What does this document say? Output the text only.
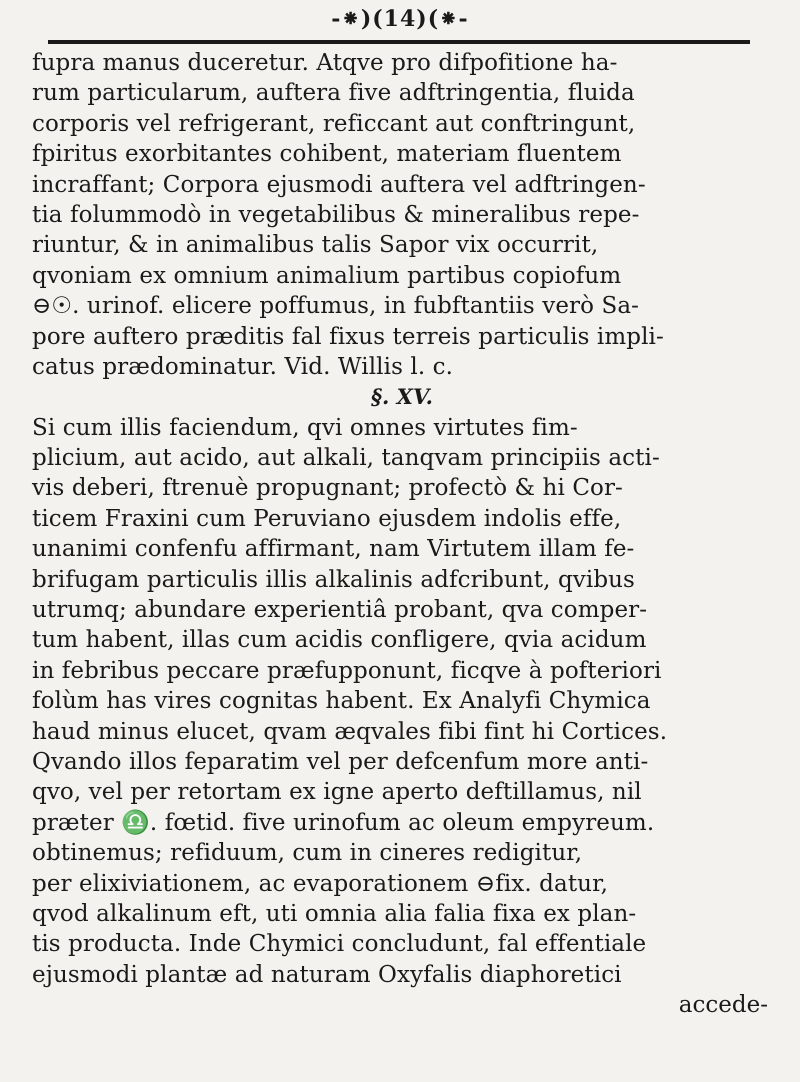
-⁕)(14)(⁕-
fupra manus duceretur. Atqve pro difpofitione ha-
rum particularum, auftera five adftringentia, fluida
corporis vel refrigerant, reficcant aut conftringunt,
fpiritus exorbitantes cohibent, materiam fluentem
incraffant; Corpora ejusmodi auftera vel adftringen-
tia folummodò in vegetabilibus & mineralibus repe-
riuntur, & in animalibus talis Sapor vix occurrit,
qvoniam ex omnium animalium partibus copiofum
⊖☉. urinof. elicere poffumus, in fubftantiis verò Sa-
pore auftero præditis fal fixus terreis particulis impli-
catus prædominatur. Vid. Willis l. c.
§. XV.
Si cum illis faciendum, qvi omnes virtutes fim-
plicium, aut acido, aut alkali, tanqvam principiis acti-
vis deberi, ftrenuè propugnant; profectò & hi Cor-
ticem Fraxini cum Peruviano ejusdem indolis effe,
unanimi confenfu affirmant, nam Virtutem illam fe-
brifugam particulis illis alkalinis adfcribunt, qvibus
utrumq; abundare experientiâ probant, qva comper-
tum habent, illas cum acidis confligere, qvia acidum
in febribus peccare præfupponunt, ficqve à pofteriori
folùm has vires cognitas habent. Ex Analyfi Chymica
haud minus elucet, qvam æqvales fibi fint hi Cortices.
Qvando illos feparatim vel per defcenfum more anti-
qvo, vel per retortam ex igne aperto deftillamus, nil
præter ♎. fœtid. five urinofum ac oleum empyreum.
obtinemus; refiduum, cum in cineres redigitur,
per elixiviationem, ac evaporationem ⊖fix. datur,
qvod alkalinum eft, uti omnia alia falia fixa ex plan-
tis producta. Inde Chymici concludunt, fal effentiale
ejusmodi plantæ ad naturam Oxyfalis diaphoretici
accede-
